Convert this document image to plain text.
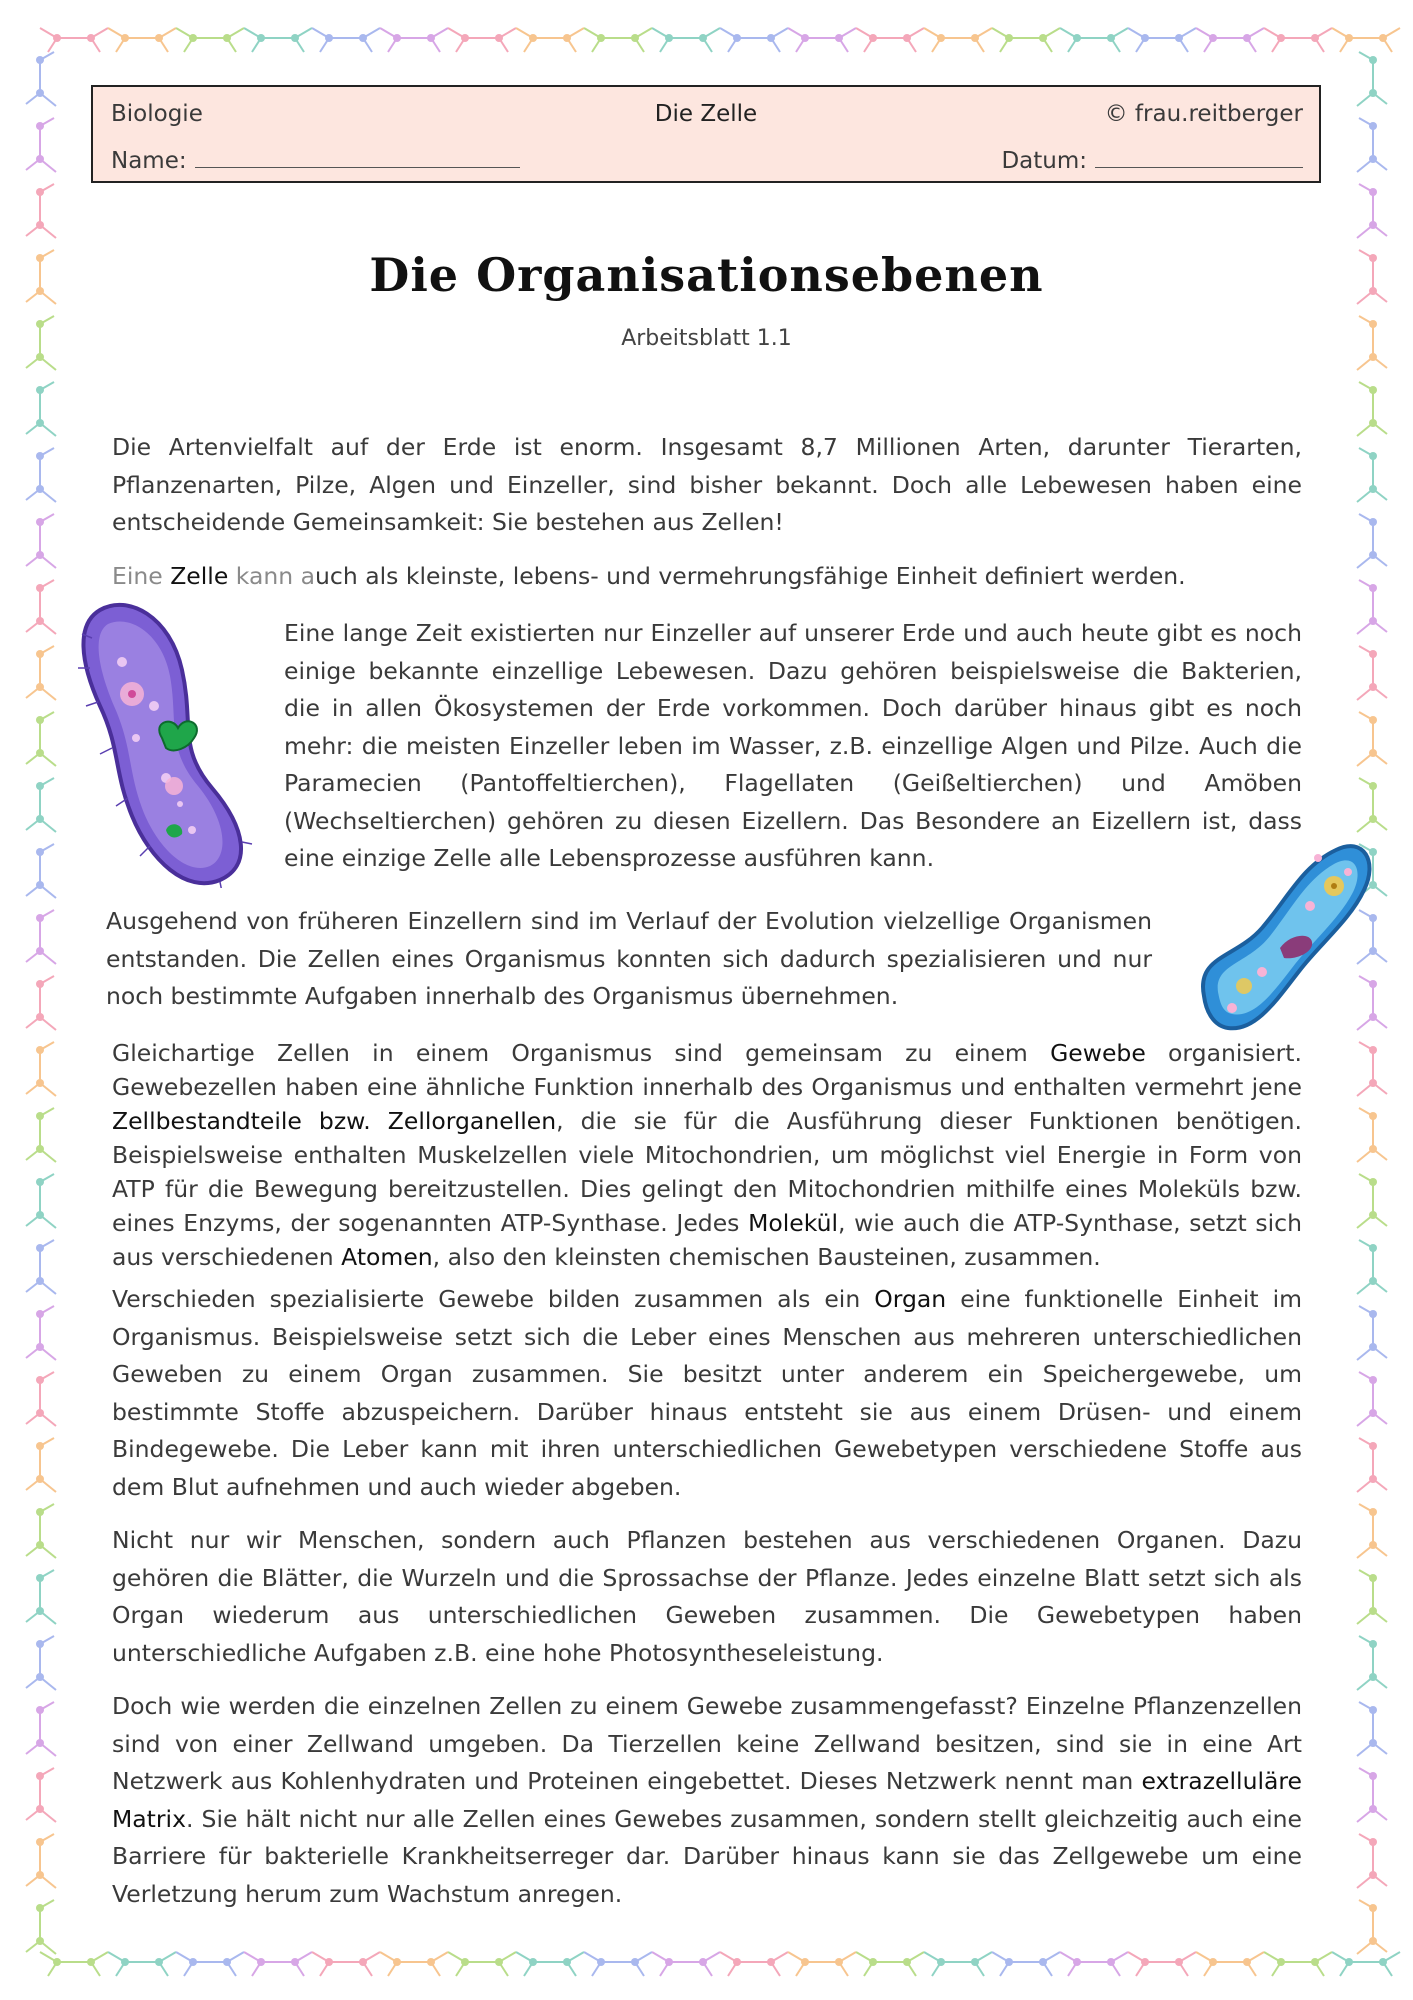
Biologie	Die Zelle	© frau.reitberger
Name:	Datum:
Die Organisationsebenen
Arbeitsblatt 1.1

Die Artenvielfalt auf der Erde ist enorm. Insgesamt 8,7 Millionen Arten, darunter Tierarten, Pflanzenarten, Pilze, Algen und Einzeller, sind bisher bekannt. Doch alle Lebewesen haben eine entscheidende Gemeinsamkeit: Sie bestehen aus Zellen!

Eine Zelle kann auch als kleinste, lebens- und vermehrungsfähige Einheit definiert werden.

Eine lange Zeit existierten nur Einzeller auf unserer Erde und auch heute gibt es noch einige bekannte einzellige Lebewesen. Dazu gehören beispielsweise die Bakterien, die in allen Ökosystemen der Erde vorkommen. Doch darüber hinaus gibt es noch mehr: die meisten Einzeller leben im Wasser, z.B. einzellige Algen und Pilze. Auch die Paramecien (Pantoffeltierchen), Flagellaten (Geißeltierchen) und Amöben (Wechseltierchen) gehören zu diesen Eizellern. Das Besondere an Eizellern ist, dass eine einzige Zelle alle Lebensprozesse ausführen kann.

Ausgehend von früheren Einzellern sind im Verlauf der Evolution vielzellige Organismen entstanden. Die Zellen eines Organismus konnten sich dadurch spezialisieren und nur noch bestimmte Aufgaben innerhalb des Organismus übernehmen.

Gleichartige Zellen in einem Organismus sind gemeinsam zu einem Gewebe organisiert. Gewebezellen haben eine ähnliche Funktion innerhalb des Organismus und enthalten vermehrt jene Zellbestandteile bzw. Zellorganellen, die sie für die Ausführung dieser Funktionen benötigen. Beispielsweise enthalten Muskelzellen viele Mitochondrien, um möglichst viel Energie in Form von ATP für die Bewegung bereitzustellen. Dies gelingt den Mitochondrien mithilfe eines Moleküls bzw. eines Enzyms, der sogenannten ATP-Synthase. Jedes Molekül, wie auch die ATP-Synthase, setzt sich aus verschiedenen Atomen, also den kleinsten chemischen Bausteinen, zusammen.

Verschieden spezialisierte Gewebe bilden zusammen als ein Organ eine funktionelle Einheit im Organismus. Beispielsweise setzt sich die Leber eines Menschen aus mehreren unterschiedlichen Geweben zu einem Organ zusammen. Sie besitzt unter anderem ein Speichergewebe, um bestimmte Stoffe abzuspeichern. Darüber hinaus entsteht sie aus einem Drüsen- und einem Bindegewebe. Die Leber kann mit ihren unterschiedlichen Gewebetypen verschiedene Stoffe aus dem Blut aufnehmen und auch wieder abgeben.

Nicht nur wir Menschen, sondern auch Pflanzen bestehen aus verschiedenen Organen. Dazu gehören die Blätter, die Wurzeln und die Sprossachse der Pflanze. Jedes einzelne Blatt setzt sich als Organ wiederum aus unterschiedlichen Geweben zusammen. Die Gewebetypen haben unterschiedliche Aufgaben z.B. eine hohe Photosyntheseleistung.

Doch wie werden die einzelnen Zellen zu einem Gewebe zusammengefasst? Einzelne Pflanzenzellen sind von einer Zellwand umgeben. Da Tierzellen keine Zellwand besitzen, sind sie in eine Art Netzwerk aus Kohlenhydraten und Proteinen eingebettet. Dieses Netzwerk nennt man extrazelluläre Matrix. Sie hält nicht nur alle Zellen eines Gewebes zusammen, sondern stellt gleichzeitig auch eine Barriere für bakterielle Krankheitserreger dar. Darüber hinaus kann sie das Zellgewebe um eine Verletzung herum zum Wachstum anregen.
